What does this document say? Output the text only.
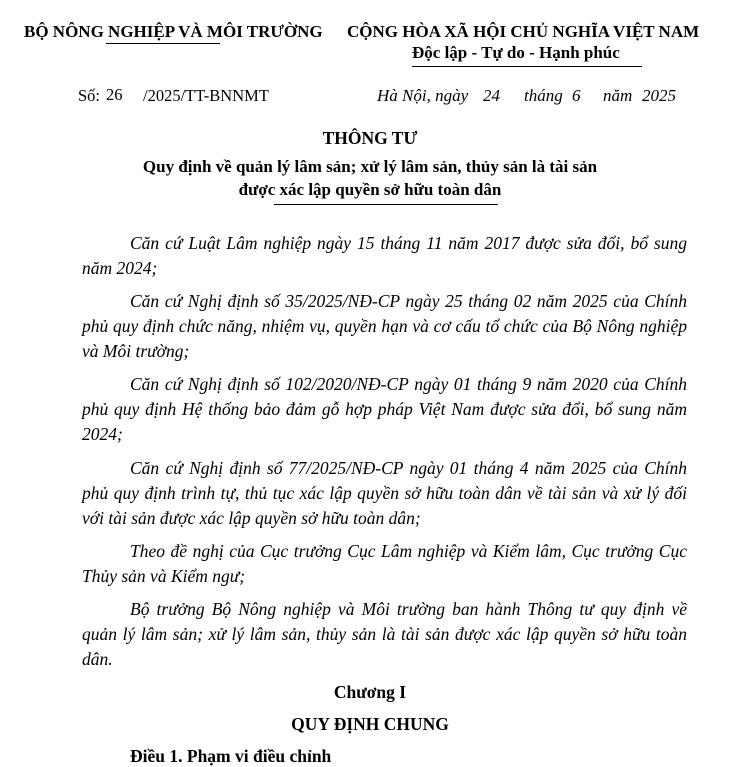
BỘ NÔNG NGHIỆP VÀ MÔI TRƯỜNG CỘNG HÒA XÃ HỘI CHỦ NGHĨA VIỆT NAM
Độc lập - Tự do - Hạnh phúc
Số: 26 /2025/TT-BNNMT	Hà Nội, ngày 24 tháng 6 năm 2025
THÔNG TƯ
Quy định về quản lý lâm sản; xử lý lâm sản, thủy sản là tài sản
được xác lập quyền sở hữu toàn dân

Căn cứ Luật Lâm nghiệp ngày 15 tháng 11 năm 2017 được sửa đổi, bổ sung năm 2024;

Căn cứ Nghị định số 35/2025/NĐ-CP ngày 25 tháng 02 năm 2025 của Chính phủ quy định chức năng, nhiệm vụ, quyền hạn và cơ cấu tổ chức của Bộ Nông nghiệp và Môi trường;

Căn cứ Nghị định số 102/2020/NĐ-CP ngày 01 tháng 9 năm 2020 của Chính phủ quy định Hệ thống bảo đảm gỗ hợp pháp Việt Nam được sửa đổi, bổ sung năm 2024;

Căn cứ Nghị định số 77/2025/NĐ-CP ngày 01 tháng 4 năm 2025 của Chính phủ quy định trình tự, thủ tục xác lập quyền sở hữu toàn dân về tài sản và xử lý đối với tài sản được xác lập quyền sở hữu toàn dân;

Theo đề nghị của Cục trưởng Cục Lâm nghiệp và Kiểm lâm, Cục trưởng Cục Thủy sản và Kiểm ngư;

Bộ trưởng Bộ Nông nghiệp và Môi trường ban hành Thông tư quy định về quản lý lâm sản; xử lý lâm sản, thủy sản là tài sản được xác lập quyền sở hữu toàn dân.

Chương I
QUY ĐỊNH CHUNG
Điều 1. Phạm vi điều chỉnh
